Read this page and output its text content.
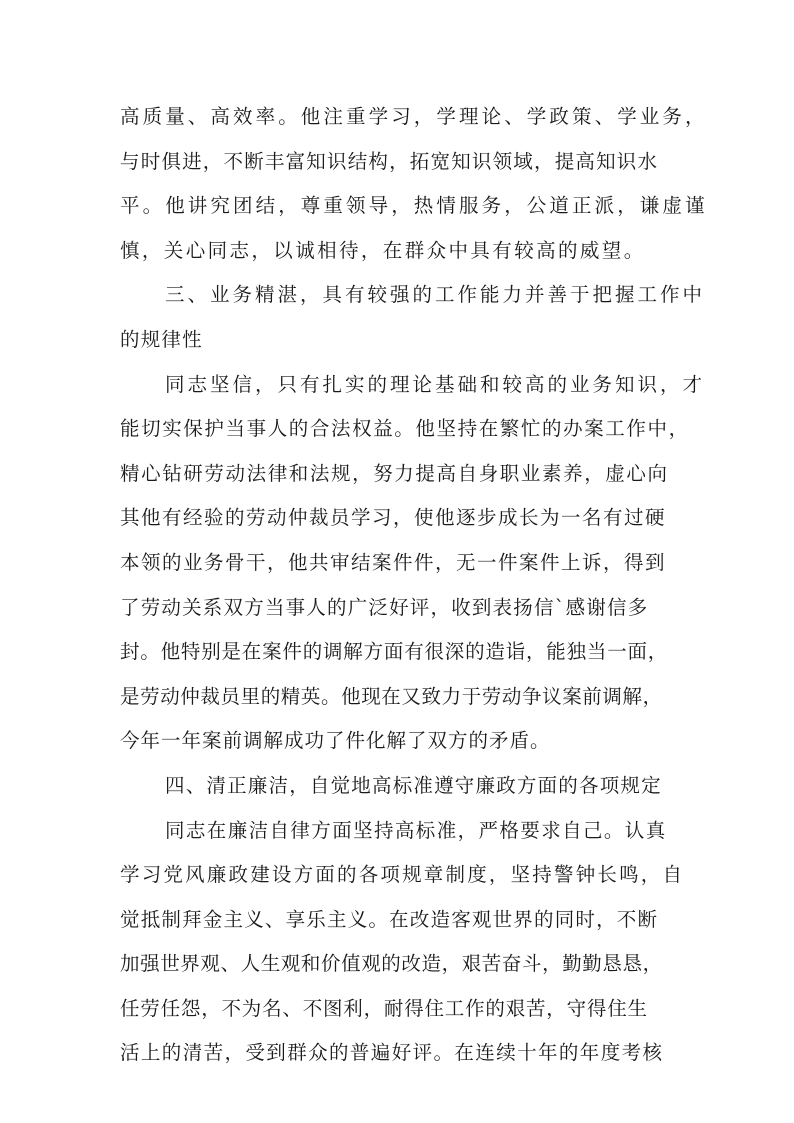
高质量、高效率。他注重学习，学理论、学政策、学业务，
与时俱进，不断丰富知识结构，拓宽知识领域，提高知识水
平。他讲究团结，尊重领导，热情服务，公道正派，谦虚谨
慎，关心同志，以诚相待，在群众中具有较高的威望。
三、业务精湛，具有较强的工作能力并善于把握工作中
的规律性
同志坚信，只有扎实的理论基础和较高的业务知识，才
能切实保护当事人的合法权益。他坚持在繁忙的办案工作中，
精心钻研劳动法律和法规，努力提高自身职业素养，虚心向
其他有经验的劳动仲裁员学习，使他逐步成长为一名有过硬
本领的业务骨干，他共审结案件件，无一件案件上诉，得到
了劳动关系双方当事人的广泛好评，收到表扬信`感谢信多
封。他特别是在案件的调解方面有很深的造诣，能独当一面，
是劳动仲裁员里的精英。他现在又致力于劳动争议案前调解，
今年一年案前调解成功了件化解了双方的矛盾。
四、清正廉洁，自觉地高标准遵守廉政方面的各项规定
同志在廉洁自律方面坚持高标准，严格要求自己。认真
学习党风廉政建设方面的各项规章制度，坚持警钟长鸣，自
觉抵制拜金主义、享乐主义。在改造客观世界的同时，不断
加强世界观、人生观和价值观的改造，艰苦奋斗，勤勤恳恳，
任劳任怨，不为名、不图利，耐得住工作的艰苦，守得住生
活上的清苦，受到群众的普遍好评。在连续十年的年度考核
